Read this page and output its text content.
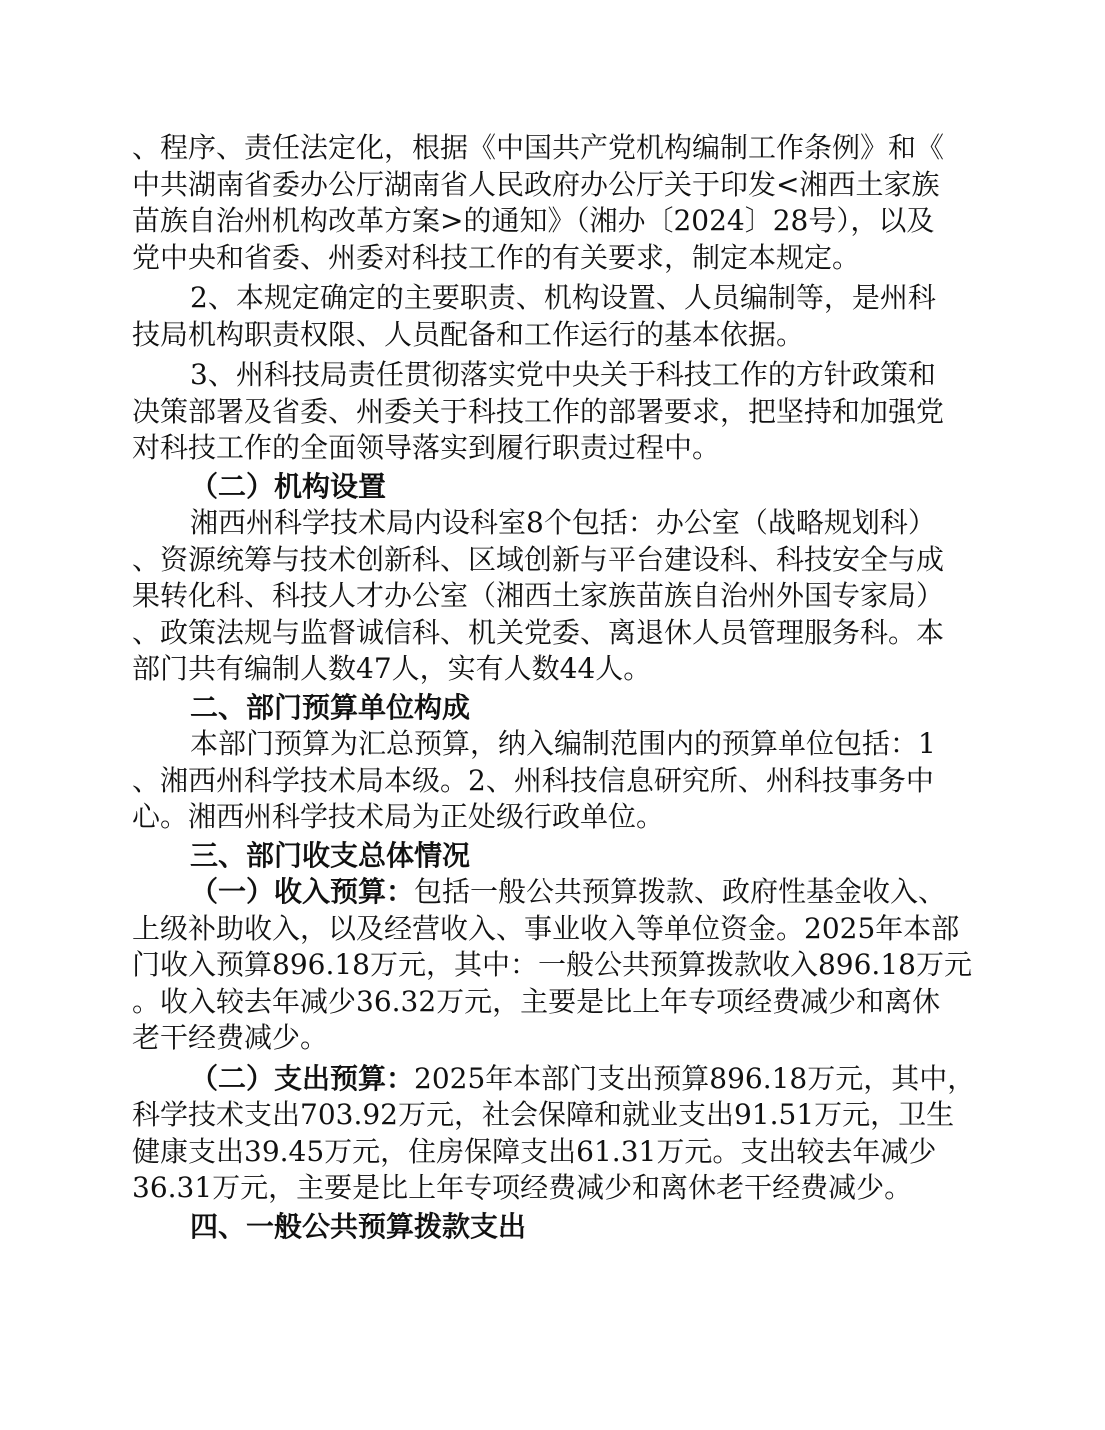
、程序、责任法定化，根据《中国共产党机构编制工作条例》和《
中共湖南省委办公厅湖南省人民政府办公厅关于印发<湘西土家族
苗族自治州机构改革方案>的通知》（湘办〔2024〕28号），以及
党中央和省委、州委对科技工作的有关要求，制定本规定。
2、本规定确定的主要职责、机构设置、人员编制等，是州科
技局机构职责权限、人员配备和工作运行的基本依据。
3、州科技局责任贯彻落实党中央关于科技工作的方针政策和
决策部署及省委、州委关于科技工作的部署要求，把坚持和加强党
对科技工作的全面领导落实到履行职责过程中。
（二）机构设置
湘西州科学技术局内设科室8个包括：办公室（战略规划科）
、资源统筹与技术创新科、区域创新与平台建设科、科技安全与成
果转化科、科技人才办公室（湘西土家族苗族自治州外国专家局）
、政策法规与监督诚信科、机关党委、离退休人员管理服务科。本
部门共有编制人数47人，实有人数44人。
二、部门预算单位构成
本部门预算为汇总预算，纳入编制范围内的预算单位包括：1
、湘西州科学技术局本级。2、州科技信息研究所、州科技事务中
心。湘西州科学技术局为正处级行政单位。
三、部门收支总体情况
（一）收入预算：包括一般公共预算拨款、政府性基金收入、
上级补助收入，以及经营收入、事业收入等单位资金。2025年本部
门收入预算896.18万元，其中：一般公共预算拨款收入896.18万元
。收入较去年减少36.32万元，主要是比上年专项经费减少和离休
老干经费减少。
（二）支出预算：2025年本部门支出预算896.18万元，其中，
科学技术支出703.92万元，社会保障和就业支出91.51万元，卫生
健康支出39.45万元，住房保障支出61.31万元。支出较去年减少
36.31万元，主要是比上年专项经费减少和离休老干经费减少。
四、一般公共预算拨款支出
